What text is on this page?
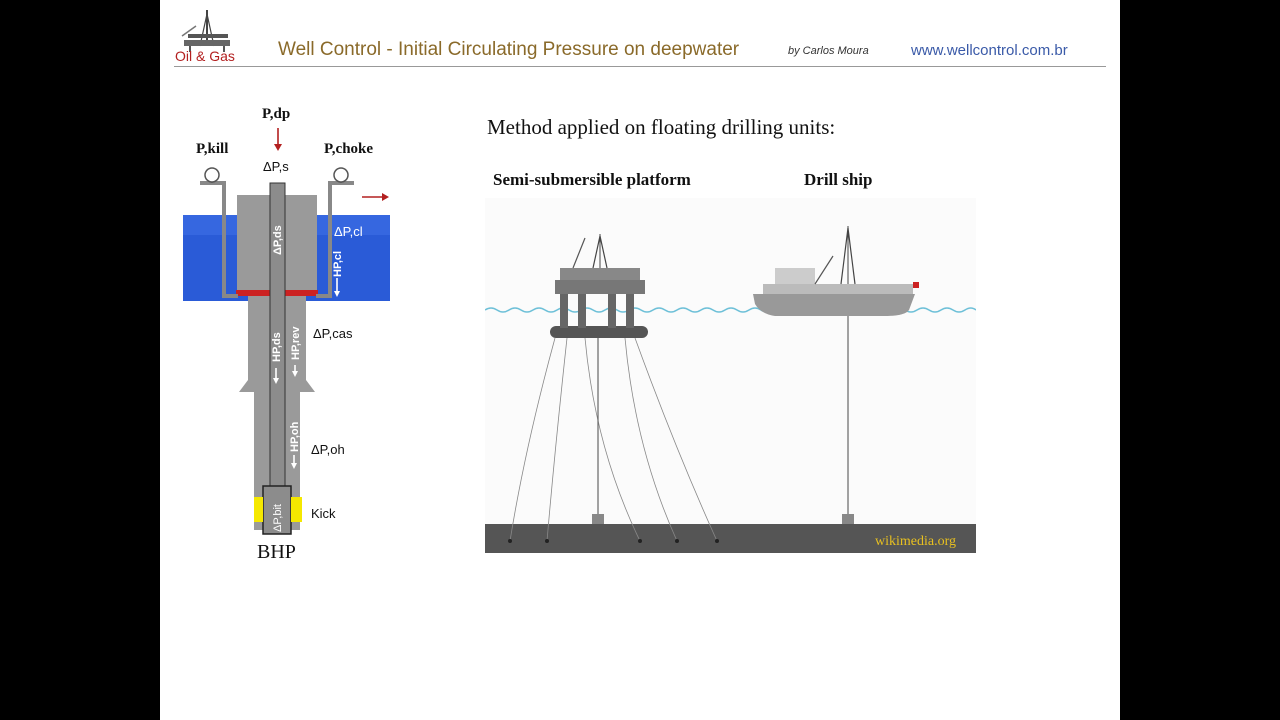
Oil & Gas Well Control - Initial Circulating Pressure on deepwater	by Carlos Moura	www.wellcontrol.com.br
ΔP,ds
HP,cl
HP,ds HP,rev
HP,oh
ΔP,bit
ΔP,cl
P,dp
P,kill	P,choke
ΔP,s
ΔP,cas
ΔP,oh
Kick
BHP
Method applied on floating drilling units:
Semi-submersible platform	Drill ship
wikimedia.org
